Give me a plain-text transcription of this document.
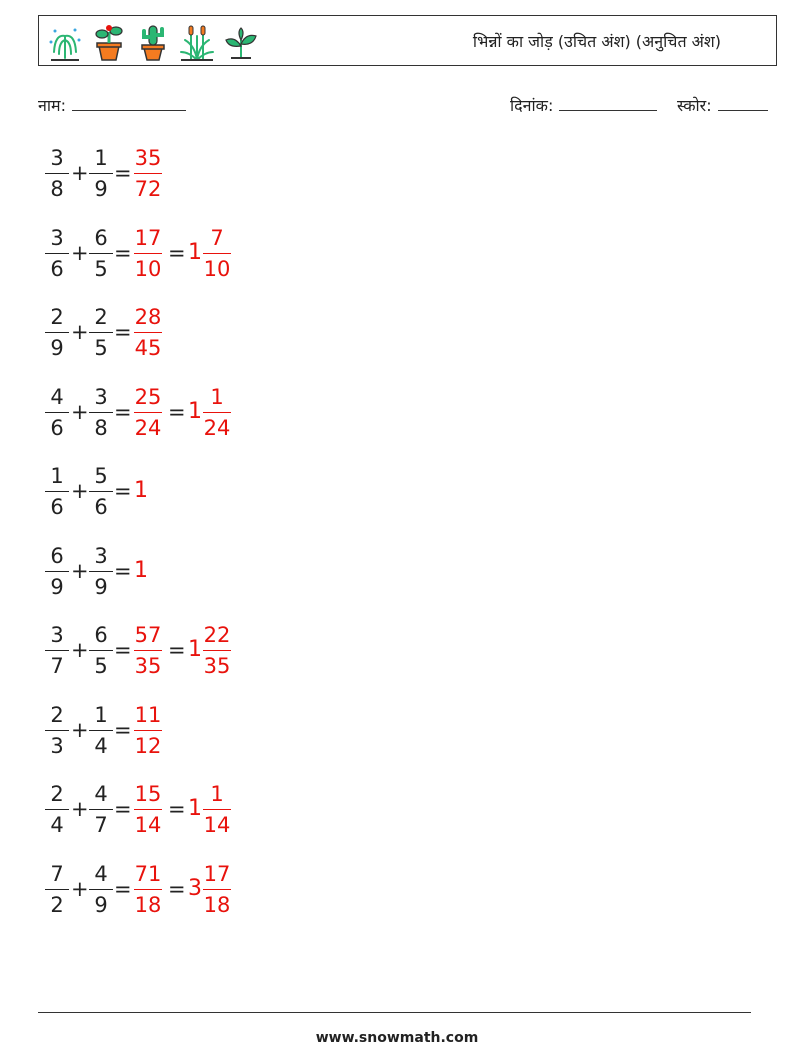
भिन्नों का जोड़ (उचित अंश) (अनुचित अंश)
नाम:	दिनांक:	स्कोर:
3
8
+
1
9
=
35
72
3
6
+
6
5
=
17
10
= 1
7
10
2
9
+
2
5
=
28
45
4
6
+
3
8
=
25
24
= 1
1
24
1
6
+
5
6
= 1
6
9
+
3
9
= 1
3
7
+
6
5
=
57
35
= 1
22
35
2
3
+
1
4
=
11
12
2
4
+
4
7
=
15
14
= 1
1
14
7
2
+
4
9
=
71
18
= 3
17
18
www.snowmath.com
